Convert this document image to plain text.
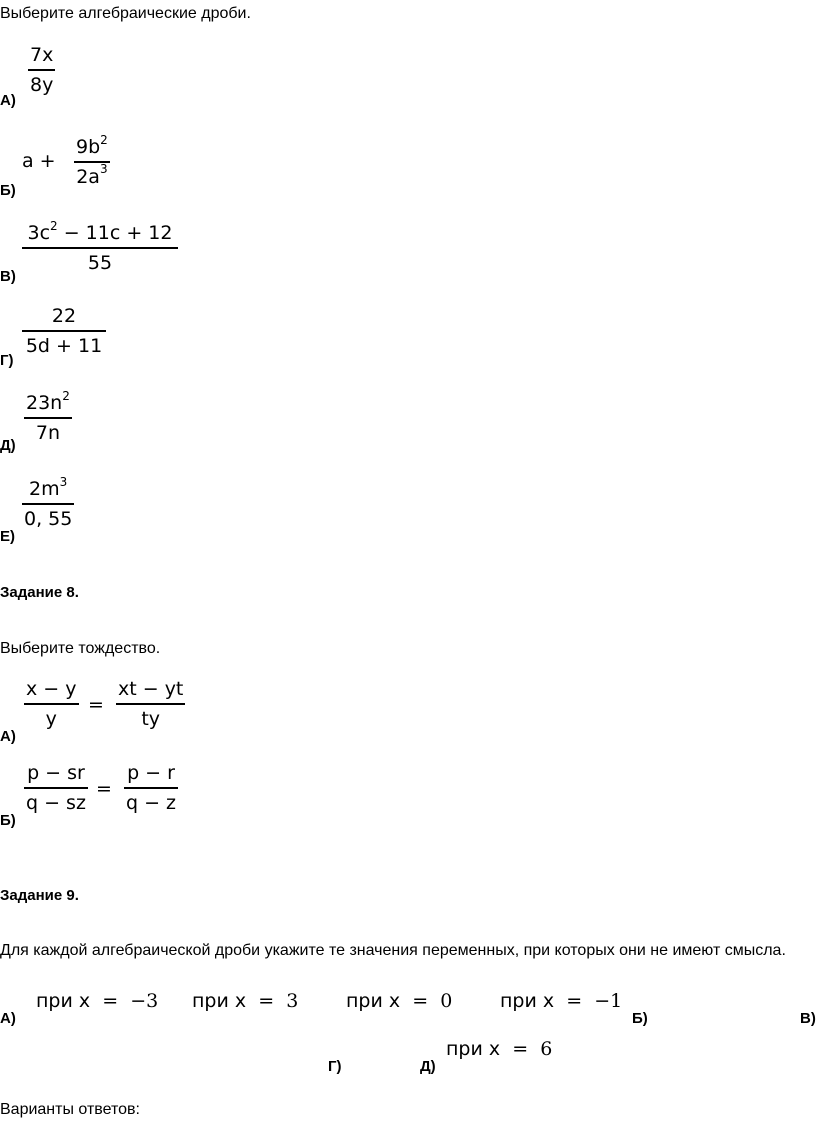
Выберите алгебраические дроби.
7x
8y
А)
a +
$9b^2$
$2a^3$
Б)
$3c^2 - 11c + 12$
55
В)
22
5d + 11
Г)
$23n^2$
7n
Д)
$2m^3$
0, 55
Е)
Задание 8.
Выберите тождество.
x − y
y
=
xt − yt
ty
А)
p − sr
q − sz
=
p − r
q − z
Б)
Задание 9.
Для каждой алгебраической дроби укажите те значения переменных, при которых они не имеют смысла.
А)
при x = −3 при x = 3	при x = 0	при x = −1
Б)	В)
Г)	Д)
при x = 6
Варианты ответов:
